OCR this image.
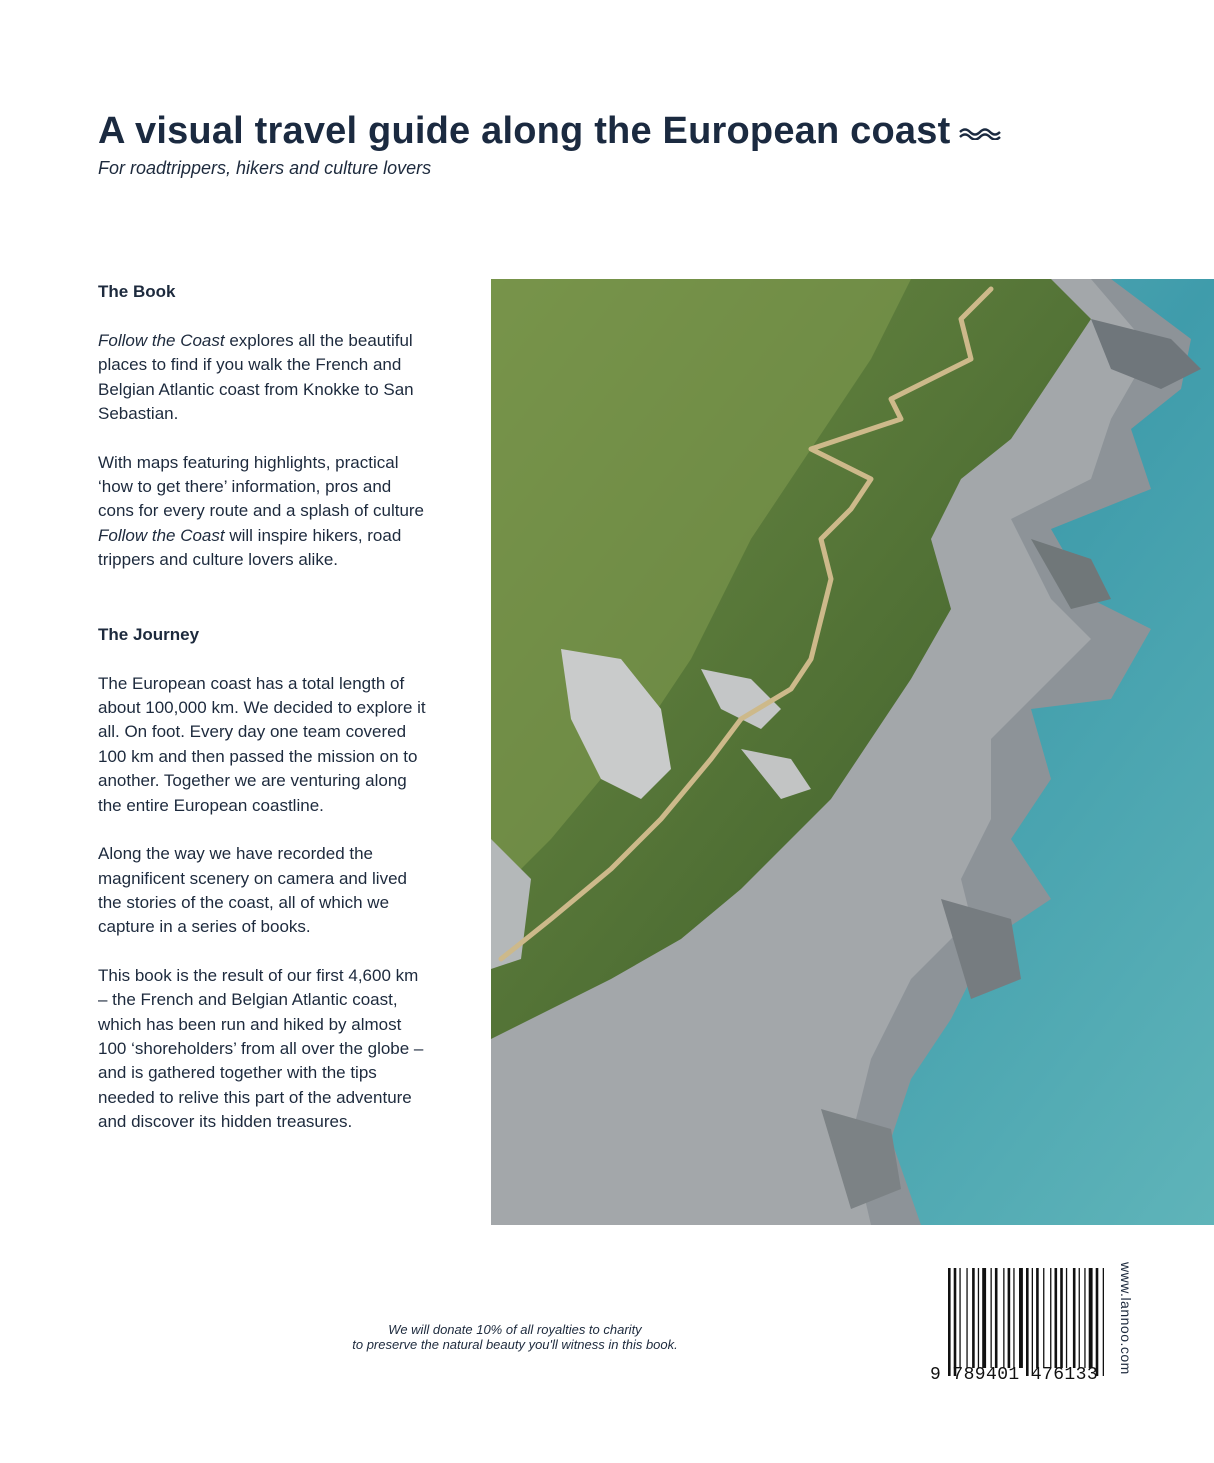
A visual travel guide along the European coast

For roadtrippers, hikers and culture lovers

The Book

Follow the Coast explores all the beautiful places to find if you walk the French and Belgian Atlantic coast from Knokke to San Sebastian.

With maps featuring highlights, practical ‘how to get there’ information, pros and cons for every route and a splash of culture Follow the Coast will inspire hikers, road trippers and culture lovers alike.

The Journey

The European coast has a total length of about 100,000 km. We decided to explore it all. On foot. Every day one team covered 100 km and then passed the mission on to another. Together we are venturing along the entire European coastline.

Along the way we have recorded the magnificent scenery on camera and lived the stories of the coast, all of which we capture in a series of books.

This book is the result of our first 4,600 km – the French and Belgian Atlantic coast, which has been run and hiked by almost 100 ‘shoreholders’ from all over the globe – and is gathered together with the tips needed to relive this part of the adventure and discover its hidden treasures.

We will donate 10% of all royalties to charity
to preserve the natural beauty you'll witness in this book.
9 789401 476133
www.lannoo.com
